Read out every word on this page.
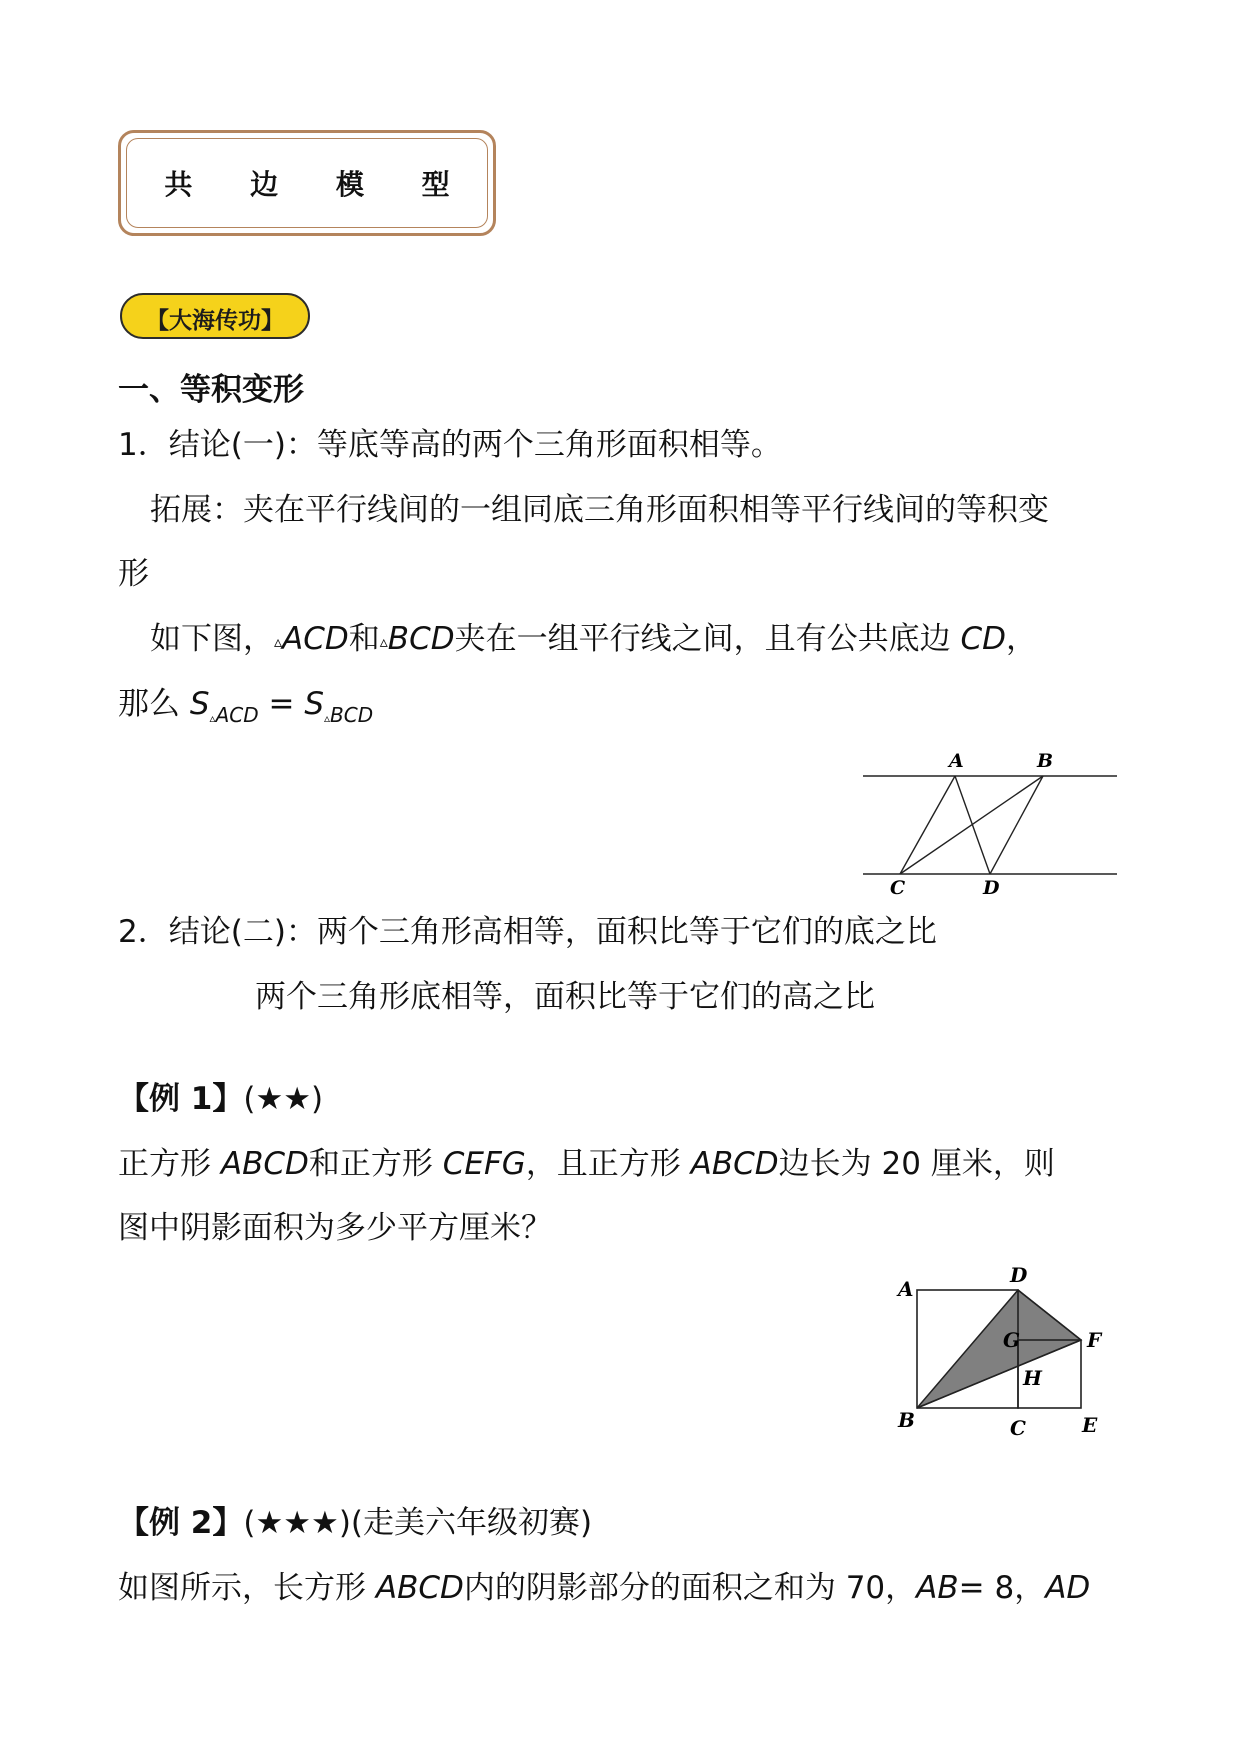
共 边 模 型
【大海传功】
一、等积变形
1．结论(一)：等底等高的两个三角形面积相等。
拓展：夹在平行线间的一组同底三角形面积相等平行线间的等积变
形
如下图，▵ACD和▵BCD夹在一组平行线之间，且有公共底边 CD，
那么 $S_{▵ACD} = S_{▵BCD}$
A	B
C	D
2．结论(二)：两个三角形高相等，面积比等于它们的底之比
两个三角形底相等，面积比等于它们的高之比
【例 1】(★★)
正方形 ABCD和正方形 CEFG，且正方形 ABCD边长为 20 厘米，则
图中阴影面积为多少平方厘米？
A
D
G	F
H
B	C	E
【例 2】(★★★)(走美六年级初赛)
如图所示，长方形 ABCD内的阴影部分的面积之和为 70，AB= 8，AD
